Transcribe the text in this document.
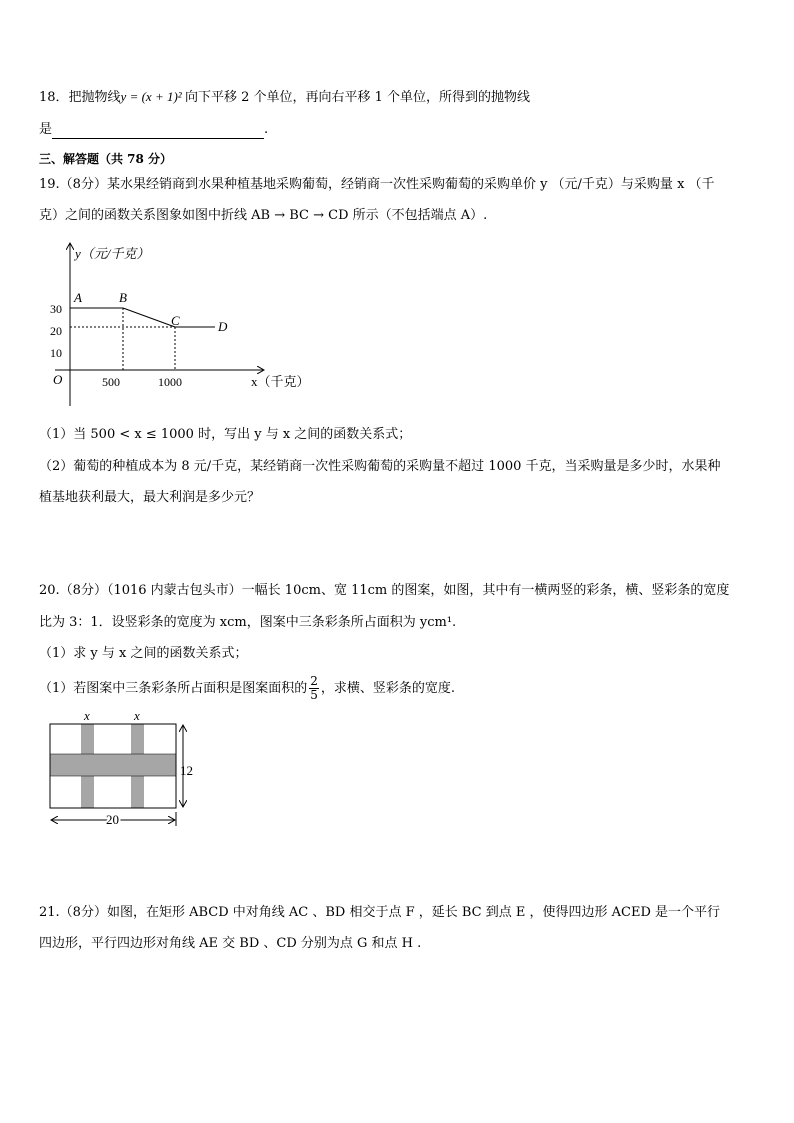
18．把抛物线y = (x + 1)² 向下平移 2 个单位，再向右平移 1 个单位，所得到的抛物线
是	.
三、解答题（共 78 分）
19.（8分）某水果经销商到水果种植基地采购葡萄，经销商一次性采购葡萄的采购单价 y （元/千克）与采购量 x （千
克）之间的函数关系图象如图中折线 AB → BC → CD 所示（不包括端点 A）.
y（元/千克）
x（千克）
O
30
20
10
500	1000
A	B
C	D
（1）当 500 < x ≤ 1000 时，写出 y 与 x 之间的函数关系式；
（2）葡萄的种植成本为 8 元/千克，某经销商一次性采购葡萄的采购量不超过 1000 千克，当采购量是多少时，水果种
植基地获利最大，最大利润是多少元？
20.（8分）（1016 内蒙古包头市）一幅长 10cm、宽 11cm 的图案，如图，其中有一横两竖的彩条，横、竖彩条的宽度
比为 3：1．设竖彩条的宽度为 xcm，图案中三条彩条所占面积为 ycm¹.
（1）求 y 与 x 之间的函数关系式；
（1）若图案中三条彩条所占面积是图案面积的 $\frac{2}{5}$ ，求横、竖彩条的宽度.
x	x
12
20
21.（8分）如图，在矩形 ABCD 中对角线 AC 、BD 相交于点 F ，延长 BC 到点 E ，使得四边形 ACED 是一个平行
四边形，平行四边形对角线 AE 交 BD 、CD 分别为点 G 和点 H .
